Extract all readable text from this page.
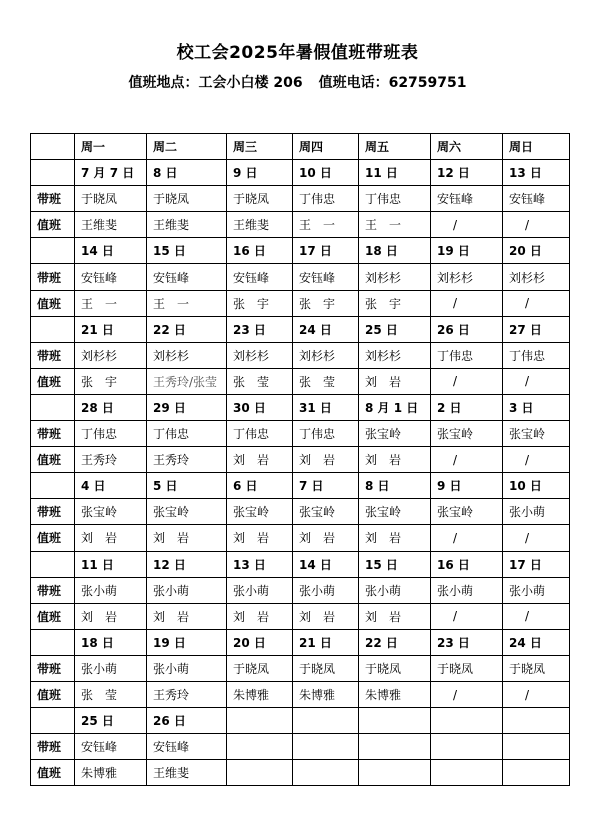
校工会2025年暑假值班带班表
值班地点：工会小白楼 206 值班电话：62759751
	周一	周二	周三	周四	周五	周六	周日
	7 月 7 日	8 日	9 日	10 日	11 日	12 日	13 日
带班	于晓凤	于晓凤	于晓凤	丁伟忠	丁伟忠	安钰峰	安钰峰
值班	王维斐	王维斐	王维斐	王　一	王　一	/	/
	14 日	15 日	16 日	17 日	18 日	19 日	20 日
带班	安钰峰	安钰峰	安钰峰	安钰峰	刘杉杉	刘杉杉	刘杉杉
值班	王　一	王　一	张　宇	张　宇	张　宇	/	/
	21 日	22 日	23 日	24 日	25 日	26 日	27 日
带班	刘杉杉	刘杉杉	刘杉杉	刘杉杉	刘杉杉	丁伟忠	丁伟忠
值班	张　宇	王秀玲/张莹	张　莹	张　莹	刘　岩	/	/
	28 日	29 日	30 日	31 日	8 月 1 日	2 日	3 日
带班	丁伟忠	丁伟忠	丁伟忠	丁伟忠	张宝岭	张宝岭	张宝岭
值班	王秀玲	王秀玲	刘　岩	刘　岩	刘　岩	/	/
	4 日	5 日	6 日	7 日	8 日	9 日	10 日
带班	张宝岭	张宝岭	张宝岭	张宝岭	张宝岭	张宝岭	张小萌
值班	刘　岩	刘　岩	刘　岩	刘　岩	刘　岩	/	/
	11 日	12 日	13 日	14 日	15 日	16 日	17 日
带班	张小萌	张小萌	张小萌	张小萌	张小萌	张小萌	张小萌
值班	刘　岩	刘　岩	刘　岩	刘　岩	刘　岩	/	/
	18 日	19 日	20 日	21 日	22 日	23 日	24 日
带班	张小萌	张小萌	于晓凤	于晓凤	于晓凤	于晓凤	于晓凤
值班	张　莹	王秀玲	朱博雅	朱博雅	朱博雅	/	/
	25 日	26 日					
带班	安钰峰	安钰峰					
值班	朱博雅	王维斐					
